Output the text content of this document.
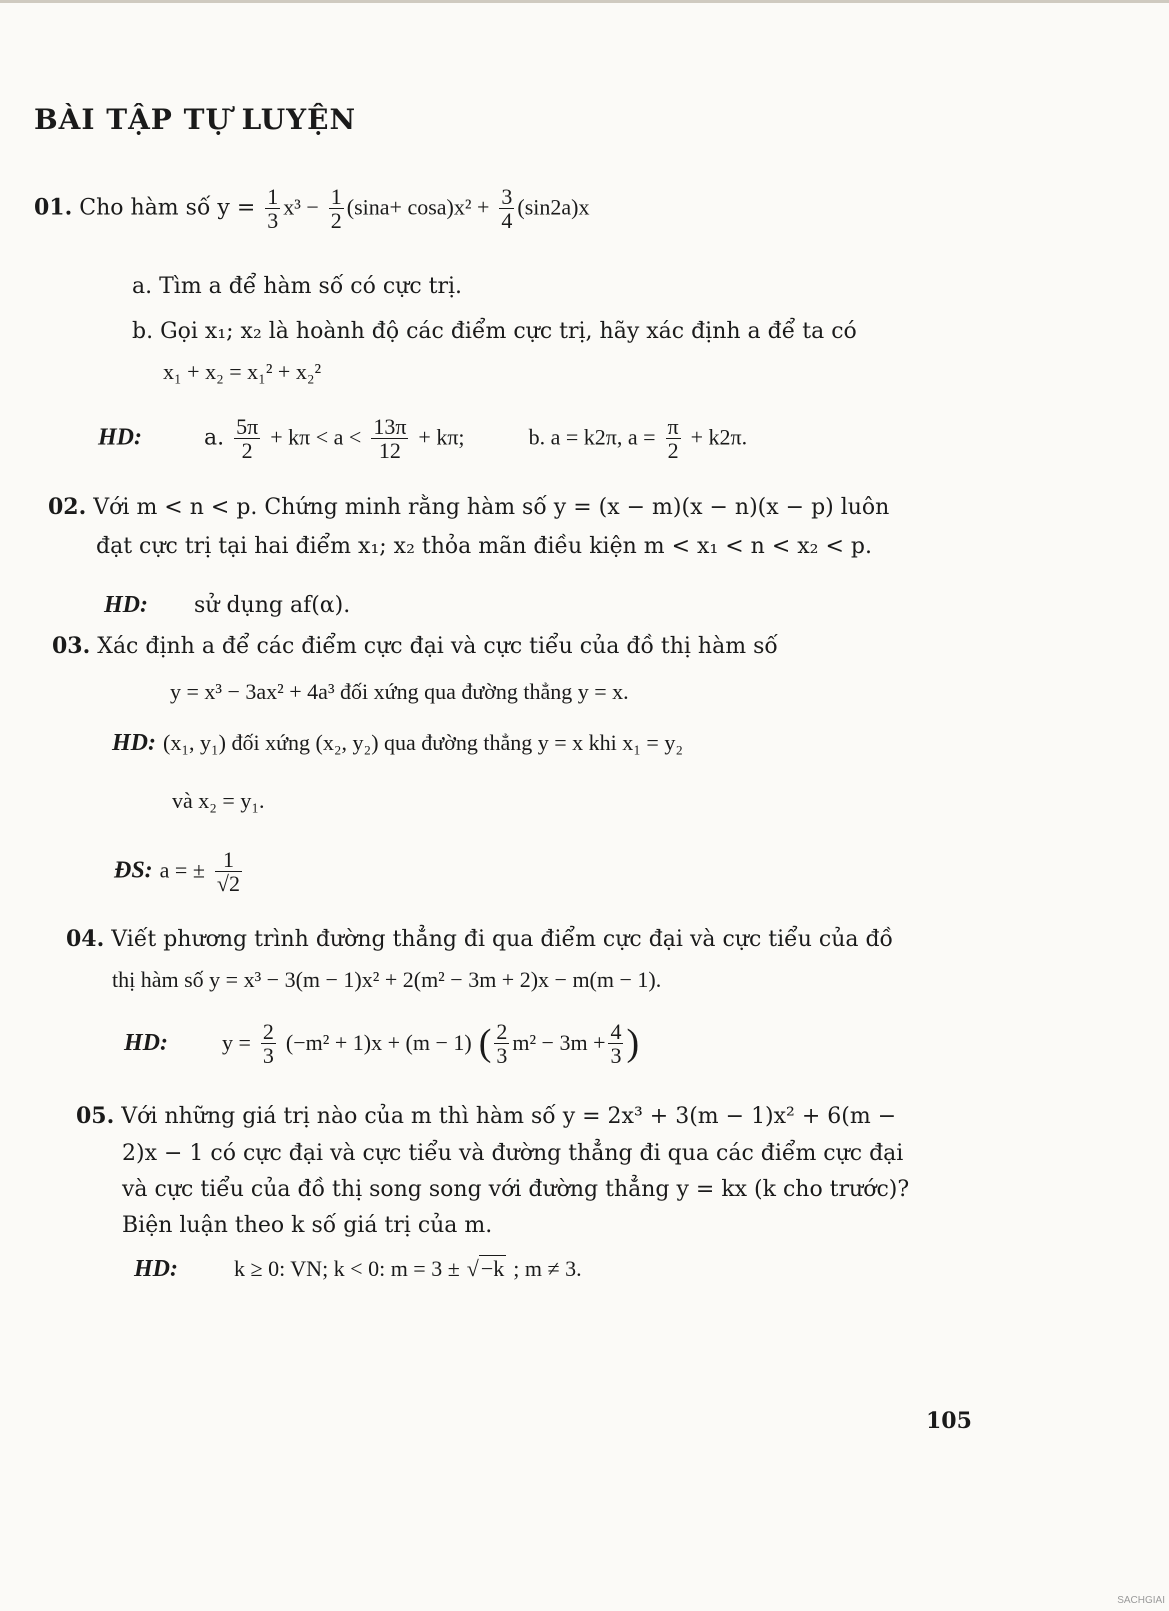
BÀI TẬP TỰ LUYỆN
01. Cho hàm số $y = \frac{1}{3} x^3 - \frac{1}{2} (\sin a+ \cos a)x^2 + \frac{3}{4} (\sin 2a)x$
a. Tìm a để hàm số có cực trị.
b. Gọi x₁; x₂ là hoành độ các điểm cực trị, hãy xác định a để ta có
x₁ + x₂ = x₁² + x₂²
HD:	a. $\frac{5\pi}{2} + k\pi < a < \frac{13\pi}{12} + k\pi$;	b. a = k2π, $a = \frac{\pi}{2} + k2\pi$.
02. Với m < n < p. Chứng minh rằng hàm số y = (x − m)(x − n)(x − p) luôn
đạt cực trị tại hai điểm x₁; x₂ thỏa mãn điều kiện m < x₁ < n < x₂ < p.
HD: sử dụng af(α).
03. Xác định a để các điểm cực đại và cực tiểu của đồ thị hàm số
y = x³ − 3ax² + 4a³ đối xứng qua đường thẳng y = x.
HD: (x₁, y₁) đối xứng (x₂, y₂) qua đường thẳng y = x khi x₁ = y₂
và x₂ = y₁.
ĐS: a = ± $\frac{1}{√2}$
04. Viết phương trình đường thẳng đi qua điểm cực đại và cực tiểu của đồ
thị hàm số y = x³ − 3(m − 1)x² + 2(m² − 3m + 2)x − m(m − 1).
HD: $y = \frac{2}{3} (-m^2 + 1)x + (m - 1)$ ( $\frac{2}{3} m^2 - 3m + \frac{4}{3}$ )
05. Với những giá trị nào của m thì hàm số y = 2x³ + 3(m − 1)x² + 6(m −
2)x − 1 có cực đại và cực tiểu và đường thẳng đi qua các điểm cực đại
và cực tiểu của đồ thị song song với đường thẳng y = kx (k cho trước)?
Biện luận theo k số giá trị của m.
HD:	k ≥ 0: VN; k < 0: m = 3 ± √−k ; m ≠ 3.
105
SACHGIAI
